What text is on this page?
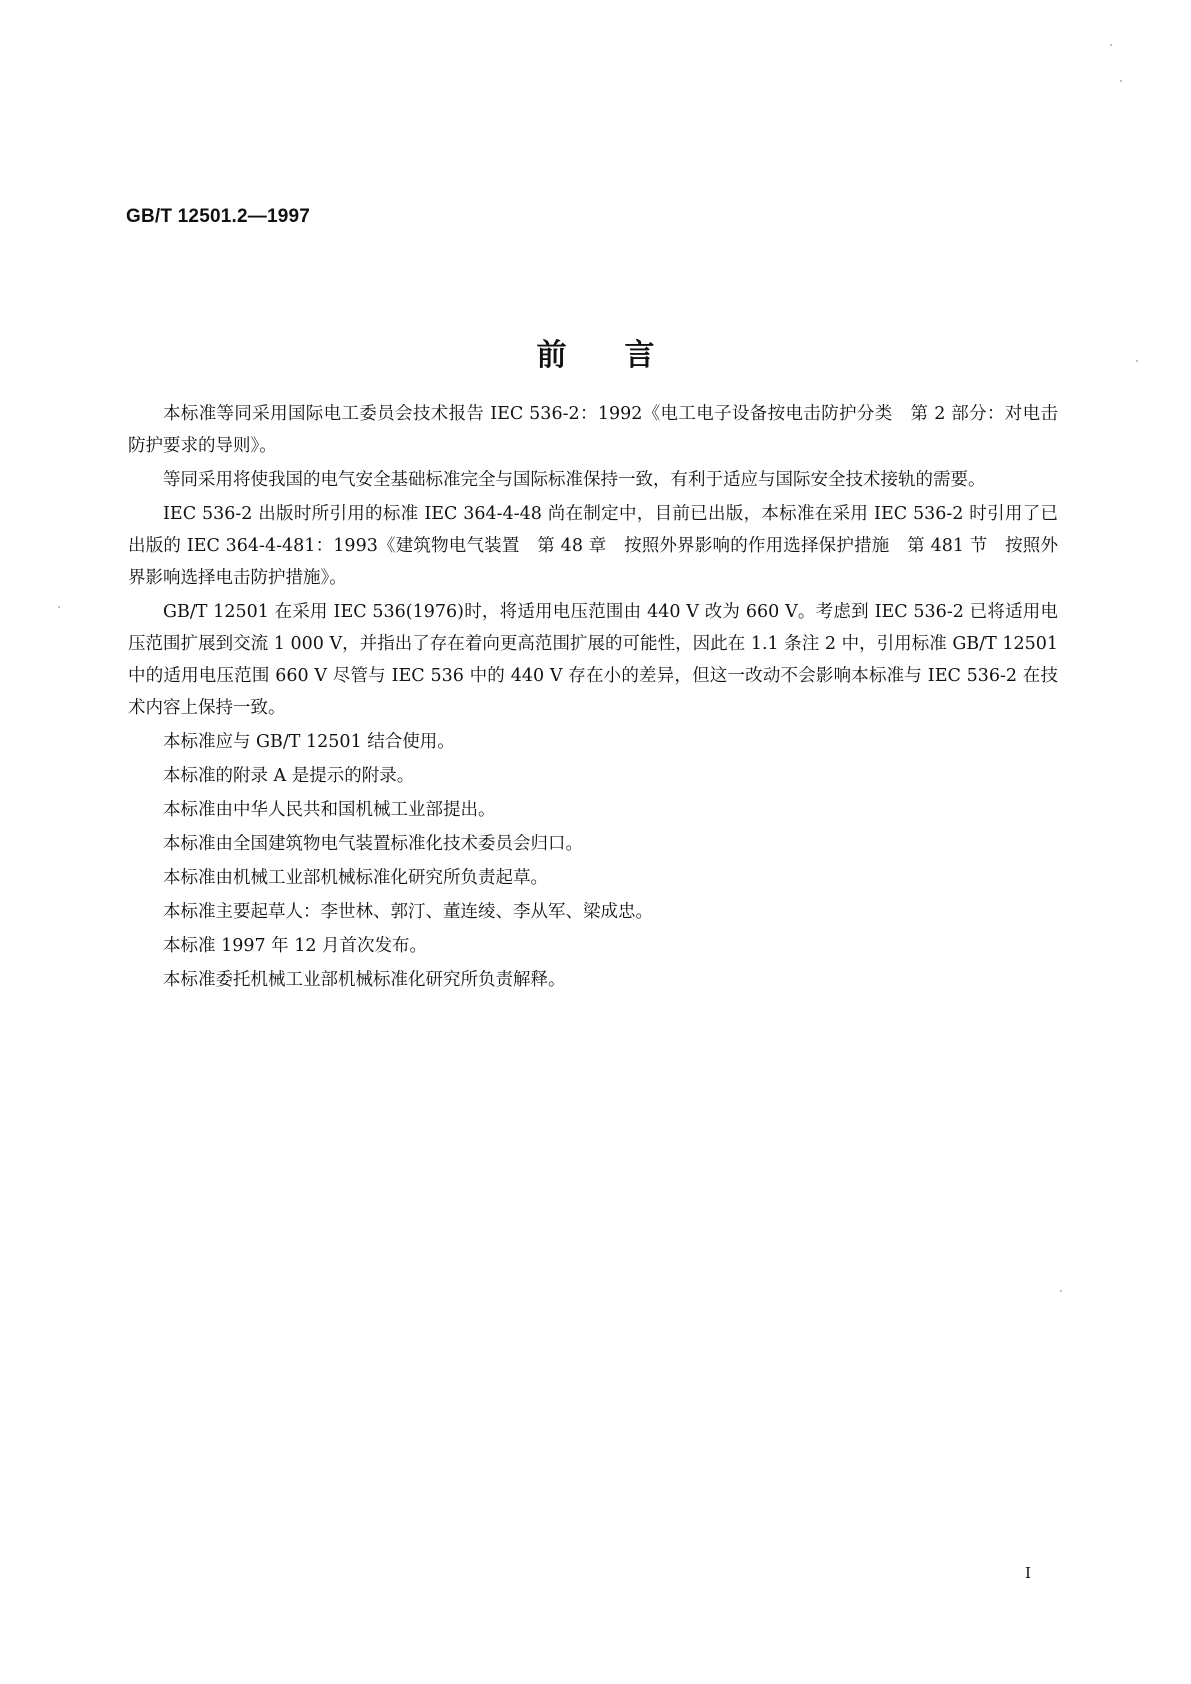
GB/T 12501.2—1997
前言

本标准等同采用国际电工委员会技术报告 IEC 536-2：1992《电工电子设备按电击防护分类　第 2 部分：对电击防护要求的导则》。

等同采用将使我国的电气安全基础标准完全与国际标准保持一致，有利于适应与国际安全技术接轨的需要。

IEC 536-2 出版时所引用的标准 IEC 364-4-48 尚在制定中，目前已出版，本标准在采用 IEC 536-2 时引用了已出版的 IEC 364-4-481：1993《建筑物电气装置　第 48 章　按照外界影响的作用选择保护措施　第 481 节　按照外界影响选择电击防护措施》。

GB/T 12501 在采用 IEC 536(1976)时，将适用电压范围由 440 V 改为 660 V。考虑到 IEC 536-2 已将适用电压范围扩展到交流 1 000 V，并指出了存在着向更高范围扩展的可能性，因此在 1.1 条注 2 中，引用标准 GB/T 12501 中的适用电压范围 660 V 尽管与 IEC 536 中的 440 V 存在小的差异，但这一改动不会影响本标准与 IEC 536-2 在技术内容上保持一致。

本标准应与 GB/T 12501 结合使用。

本标准的附录 A 是提示的附录。

本标准由中华人民共和国机械工业部提出。

本标准由全国建筑物电气装置标准化技术委员会归口。

本标准由机械工业部机械标准化研究所负责起草。

本标准主要起草人：李世林、郭汀、董连绫、李从军、梁成忠。

本标准 1997 年 12 月首次发布。

本标准委托机械工业部机械标准化研究所负责解释。

I
